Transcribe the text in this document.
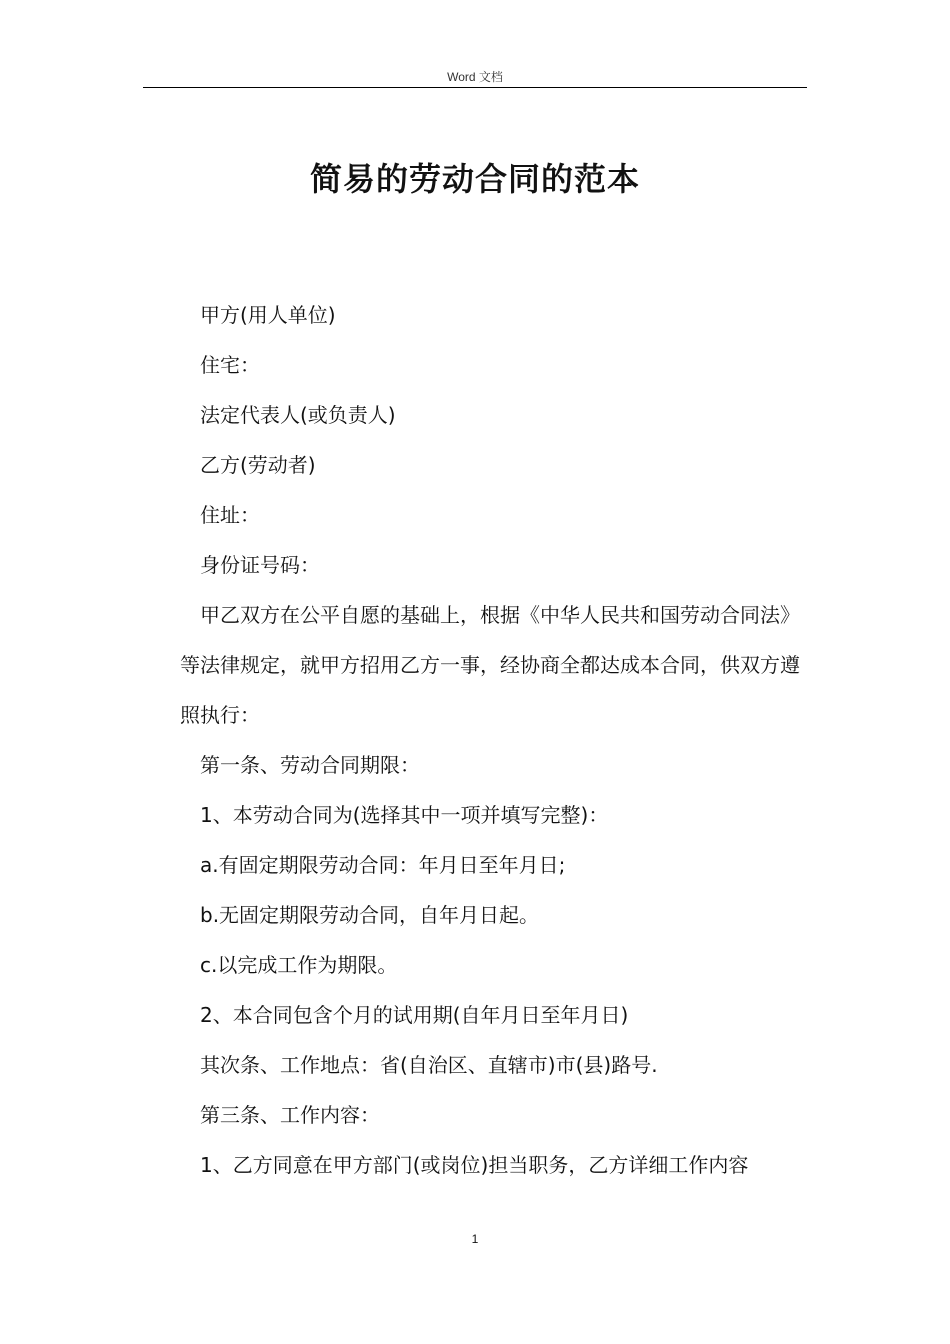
Word 文档
简易的劳动合同的范本

甲方(用人单位)

住宅：

法定代表人(或负责人)

乙方(劳动者)

住址：

身份证号码：

甲乙双方在公平自愿的基础上，根据《中华人民共和国劳动合同法》等法律规定，就甲方招用乙方一事，经协商全都达成本合同，供双方遵照执行：

第一条、劳动合同期限：

1、本劳动合同为(选择其中一项并填写完整)：

a.有固定期限劳动合同：年月日至年月日;

b.无固定期限劳动合同，自年月日起。

c.以完成工作为期限。

2、本合同包含个月的试用期(自年月日至年月日)

其次条、工作地点：省(自治区、直辖市)市(县)路号.

第三条、工作内容：

1、乙方同意在甲方部门(或岗位)担当职务，乙方详细工作内容

1
